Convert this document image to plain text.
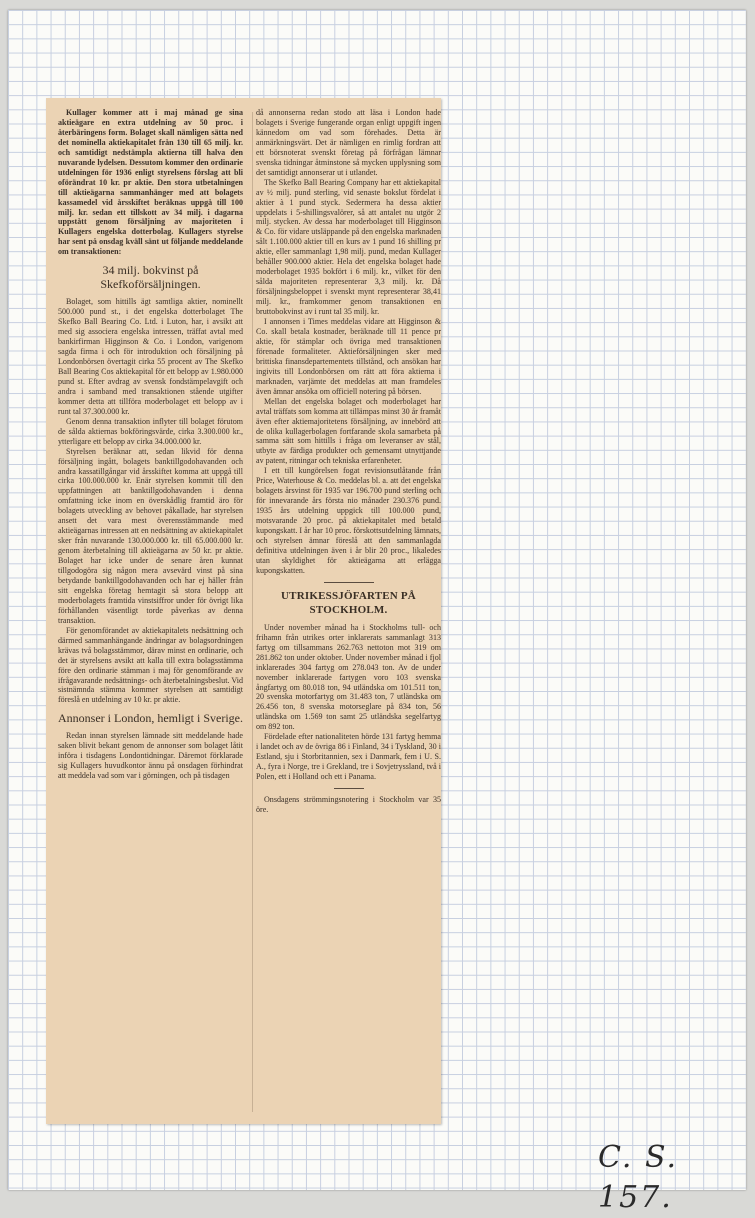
Kullager kommer att i maj månad ge sina aktieägare en extra utdelning av 50 proc. i återbäringens form. Bolaget skall nämligen sätta ned det nominella aktiekapitalet från 130 till 65 milj. kr. och samtidigt nedstämpla aktierna till halva den nuvarande lydelsen. Dessutom kommer den ordinarie utdelningen för 1936 enligt styrelsens förslag att bli oförändrat 10 kr. pr aktie. Den stora utbetalningen till aktieägarna sammanhänger med att bolagets kassamedel vid årsskiftet beräknas uppgå till 100 milj. kr. sedan ett tillskott av 34 milj. i dagarna uppstått genom försäljning av majoriteten i Kullagers engelska dotterbolag. Kullagers styrelse har sent på onsdag kväll sänt ut följande meddelande om transaktionen:

34 milj. bokvinst på Skefkoförsäljningen.

Bolaget, som hittills ägt samtliga aktier, nominellt 500.000 pund st., i det engelska dotterbolaget The Skefko Ball Bearing Co. Ltd. i Luton, har, i avsikt att med sig associera engelska intressen, träffat avtal med bankirfirman Higginson & Co. i London, varigenom sagda firma i och för introduktion och försäljning på Londonbörsen övertagit cirka 55 procent av The Skefko Ball Bearing Cos aktiekapital för ett belopp av 1.980.000 pund st. Efter avdrag av svensk fondstämpelavgift och andra i samband med transaktionen stående utgifter kommer detta att tillföra moderbolaget ett belopp av i runt tal 37.300.000 kr.

Genom denna transaktion inflyter till bolaget förutom de sålda aktiernas bokföringsvärde, cirka 3.300.000 kr., ytterligare ett belopp av cirka 34.000.000 kr.

Styrelsen beräknar att, sedan likvid för denna försäljning ingått, bolagets banktillgodohavanden och andra kassatillgångar vid årsskiftet komma att uppgå till cirka 100.000.000 kr. Enär styrelsen kommit till den uppfattningen att banktillgodohavanden i denna omfattning icke inom en överskådlig framtid äro för bolagets utveckling av behovet påkallade, har styrelsen ansett det vara mest överensstämmande med aktieägarnas intressen att en nedsättning av aktiekapitalet sker från nuvarande 130.000.000 kr. till 65.000.000 kr. genom återbetalning till aktieägarna av 50 kr. pr aktie. Bolaget har icke under de senare åren kunnat tillgodogöra sig någon mera avsevärd vinst på sina betydande banktillgodohavanden och har ej häller från sitt engelska företag hemtagit så stora belopp att moderbolagets framtida vinstsiffror under för övrigt lika förhållanden väsentligt torde påverkas av denna transaktion.

För genomförandet av aktiekapitalets nedsättning och därmed sammanhängande ändringar av bolagsordningen krävas två bolagsstämmor, därav minst en ordinarie, och det är styrelsens avsikt att kalla till extra bolagsstämma före den ordinarie stämman i maj för genomförande av ifrågavarande nedsättnings- och återbetalningsbeslut. Vid sistnämnda stämma kommer styrelsen att samtidigt föreslå en utdelning av 10 kr. pr aktie.

Annonser i London, hemligt i Sverige.

Redan innan styrelsen lämnade sitt meddelande hade saken blivit bekant genom de annonser som bolaget låtit införa i tisdagens Londontidningar. Däremot förklarade sig Kullagers huvudkontor ännu på onsdagen förhindrat att meddela vad som var i görningen, och på tisdagen

då annonserna redan stodo att läsa i London hade bolagets i Sverige fungerande organ enligt uppgift ingen kännedom om vad som förehades. Detta är anmärkningsvärt. Det är nämligen en rimlig fordran att ett börsnoterat svenskt företag på förfrågan lämnar svenska tidningar åtminstone så mycken upplysning som det samtidigt annonserar ut i utlandet.

The Skefko Ball Bearing Company har ett aktiekapital av ½ milj. pund sterling, vid senaste bokslut fördelat i aktier à 1 pund styck. Sedermera ha dessa aktier uppdelats i 5-shillingsvalörer, så att antalet nu utgör 2 milj. stycken. Av dessa har moderbolaget till Higginson & Co. för vidare utsläppande på den engelska marknaden sålt 1.100.000 aktier till en kurs av 1 pund 16 shilling pr aktie, eller sammanlagt 1,98 milj. pund, medan Kullager behåller 900.000 aktier. Hela det engelska bolaget hade moderbolaget 1935 bokfört i 6 milj. kr., vilket för den sålda majoriteten representerar 3,3 milj. kr. Då försäljningsbeloppet i svenskt mynt representerar 38,41 milj. kr., framkommer genom transaktionen en bruttobokvinst av i runt tal 35 milj. kr.

I annonsen i Times meddelas vidare att Higginson & Co. skall betala kostnader, beräknade till 11 pence pr aktie, för stämplar och övriga med transaktionen förenade formaliteter. Aktieförsäljningen sker med brittiska finansdepartementets tillstånd, och ansökan har ingivits till Londonbörsen om rätt att föra aktierna i marknaden, varjämte det meddelas att man framdeles även ämnar ansöka om officiell notering på börsen.

Mellan det engelska bolaget och moderbolaget har avtal träffats som komma att tillämpas minst 30 år framåt även efter aktiemajoritetens försäljning, av innebörd att de olika kullagerbolagen fortfarande skola samarbeta på samma sätt som hittills i fråga om leveranser av stål, utbyte av färdiga produkter och gemensamt utnyttjande av patent, ritningar och tekniska erfarenheter.

I ett till kungörelsen fogat revisionsutlåtande från Price, Waterhouse & Co. meddelas bl. a. att det engelska bolagets årsvinst för 1935 var 196.700 pund sterling och för innevarande års första nio månader 230.376 pund. 1935 års utdelning uppgick till 100.000 pund, motsvarande 20 proc. på aktiekapitalet med betald kupongskatt. I år har 10 proc. förskottsutdelning lämnats, och styrelsen ämnar föreslå att den sammanlagda definitiva utdelningen även i år blir 20 proc., likaledes utan skyldighet för aktieägarna att erlägga kupongskatten.

UTRIKESSJÖFARTEN PÅ STOCKHOLM.

Under november månad ha i Stockholms tull- och frihamn från utrikes orter inklarerats sammanlagt 313 fartyg om tillsammans 262.763 nettoton mot 319 om 281.862 ton under oktober. Under november månad i fjol inklarerades 304 fartyg om 278.043 ton. Av de under november inklarerade fartygen voro 103 svenska ångfartyg om 80.018 ton, 94 utländska om 101.511 ton, 20 svenska motorfartyg om 31.483 ton, 7 utländska om 26.456 ton, 8 svenska motorseglare på 834 ton, 56 utländska om 1.569 ton samt 25 utländska segelfartyg om 892 ton.

Fördelade efter nationaliteten hörde 131 fartyg hemma i landet och av de övriga 86 i Finland, 34 i Tyskland, 30 i Estland, sju i Storbritannien, sex i Danmark, fem i U. S. A., fyra i Norge, tre i Grekland, tre i Sovjetryssland, två i Polen, ett i Holland och ett i Panama.

Onsdagens strömmingsnotering i Stockholm var 35 öre.

C. S. 157.
